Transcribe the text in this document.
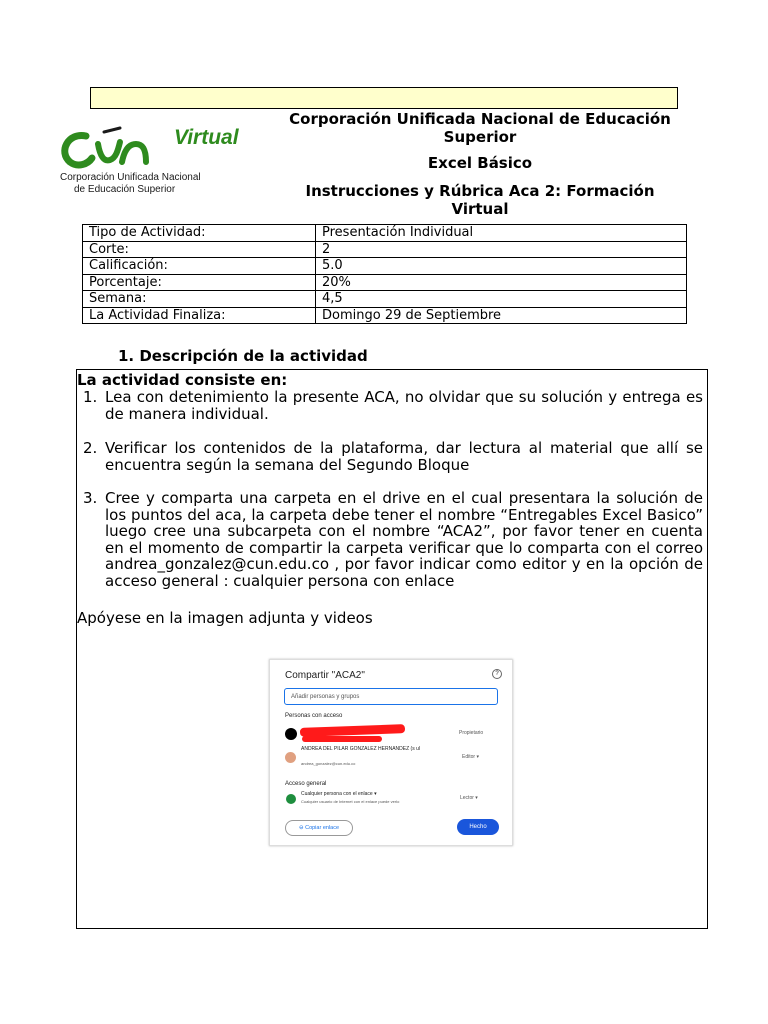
Virtual
Corporación Unificada Nacional
de Educación Superior
Corporación Unificada Nacional de Educación
Superior
Excel Básico
Instrucciones y Rúbrica Aca 2: Formación
Virtual
Tipo de Actividad:	Presentación Individual
Corte:	2
Calificación:	5.0
Porcentaje:	20%
Semana:	4,5
La Actividad Finaliza:	Domingo 29 de Septiembre
1. Descripción de la actividad
La actividad consiste en:
1. Lea con detenimiento la presente ACA, no olvidar que su solución y entrega es de manera individual.
2. Verificar los contenidos de la plataforma, dar lectura al material que allí se encuentra según la semana del Segundo Bloque
3. Cree y comparta una carpeta en el drive en el cual presentara la solución de los puntos del aca, la carpeta debe tener el nombre “Entregables Excel Basico” luego cree una subcarpeta con el nombre “ACA2”, por favor tener en cuenta en el momento de compartir la carpeta verificar que lo comparta con el correo andrea_gonzalez@cun.edu.co , por favor indicar como editor y en la opción de acceso general : cualquier persona con enlace
Apóyese en la imagen adjunta y videos
Compartir "ACA2"	?
Añadir personas y grupos
Personas con acceso
Propietario
ANDREA DEL PILAR GONZALEZ HERNANDEZ (s ul
andrea_gonzalez@cun.edu.co
Editor ▾
Acceso general
Cualquier persona con el enlace ▾
Cualquier usuario de Internet con el enlace puede verlo
Lector ▾
⊖ Copiar enlace	Hecho
